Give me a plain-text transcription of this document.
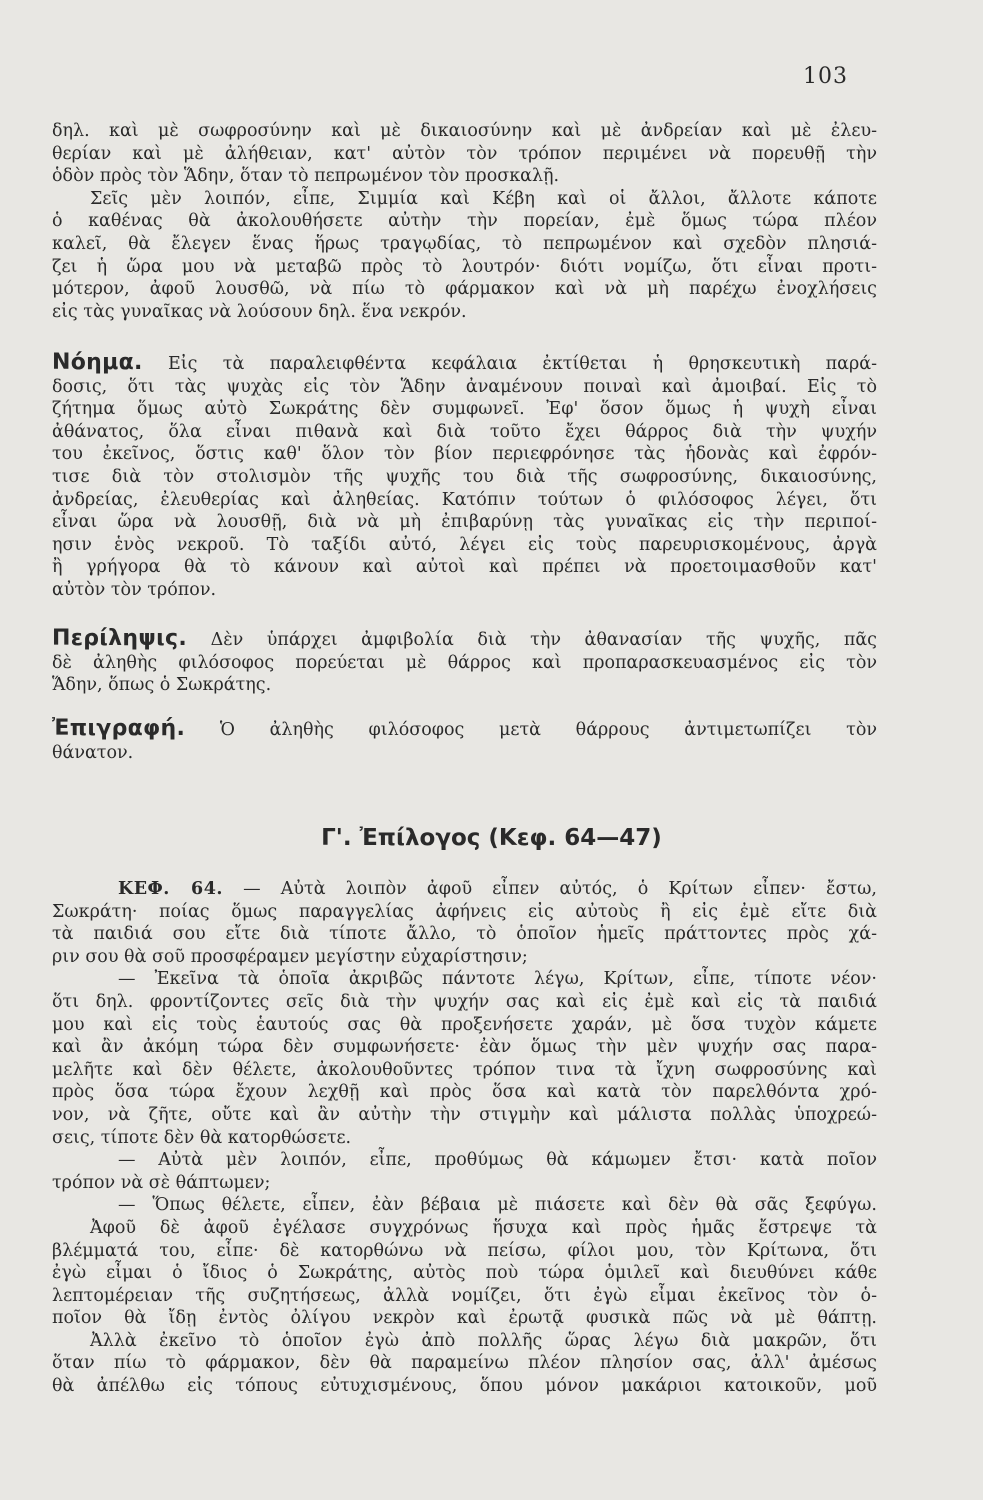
103
δηλ. καὶ μὲ σωφροσύνην καὶ μὲ δικαιοσύνην καὶ μὲ ἀνδρείαν καὶ μὲ ἐλευ-
θερίαν καὶ μὲ ἀλήθειαν, κατ' αὐτὸν τὸν τρόπον περιμένει νὰ πορευθῇ τὴν
ὁδὸν πρὸς τὸν Ἅδην, ὅταν τὸ πεπρωμένον τὸν προσκαλῇ.
Σεῖς μὲν λοιπόν, εἶπε, Σιμμία καὶ Κέβη καὶ οἱ ἄλλοι, ἄλλοτε κάποτε
ὁ καθένας θὰ ἀκολουθήσετε αὐτὴν τὴν πορείαν, ἐμὲ ὅμως τώρα πλέον
καλεῖ, θὰ ἔλεγεν ἕνας ἥρως τραγῳδίας, τὸ πεπρωμένον καὶ σχεδὸν πλησιά-
ζει ἡ ὥρα μου νὰ μεταβῶ πρὸς τὸ λουτρόν· διότι νομίζω, ὅτι εἶναι προτι-
μότερον, ἀφοῦ λουσθῶ, νὰ πίω τὸ φάρμακον καὶ νὰ μὴ παρέχω ἐνοχλήσεις
εἰς τὰς γυναῖκας νὰ λούσουν δηλ. ἕνα νεκρόν.
Νόημα. Εἰς τὰ παραλειφθέντα κεφάλαια ἐκτίθεται ἡ θρησκευτικὴ παρά-
δοσις, ὅτι τὰς ψυχὰς εἰς τὸν Ἅδην ἀναμένουν ποιναὶ καὶ ἀμοιβαί. Εἰς τὸ
ζήτημα ὅμως αὐτὸ Σωκράτης δὲν συμφωνεῖ. Ἐφ' ὅσον ὅμως ἡ ψυχὴ εἶναι
ἀθάνατος, ὅλα εἶναι πιθανὰ καὶ διὰ τοῦτο ἔχει θάρρος διὰ τὴν ψυχήν
του ἐκεῖνος, ὅστις καθ' ὅλον τὸν βίον περιεφρόνησε τὰς ἡδονὰς καὶ ἐφρόν-
τισε διὰ τὸν στολισμὸν τῆς ψυχῆς του διὰ τῆς σωφροσύνης, δικαιοσύνης,
ἀνδρείας, ἐλευθερίας καὶ ἀληθείας. Κατόπιν τούτων ὁ φιλόσοφος λέγει, ὅτι
εἶναι ὥρα νὰ λουσθῇ, διὰ νὰ μὴ ἐπιβαρύνῃ τὰς γυναῖκας εἰς τὴν περιποί-
ησιν ἑνὸς νεκροῦ. Τὸ ταξίδι αὐτό, λέγει εἰς τοὺς παρευρισκομένους, ἀργὰ
ἢ γρήγορα θὰ τὸ κάνουν καὶ αὐτοὶ καὶ πρέπει νὰ προετοιμασθοῦν κατ'
αὐτὸν τὸν τρόπον.
Περίληψις. Δὲν ὑπάρχει ἀμφιβολία διὰ τὴν ἀθανασίαν τῆς ψυχῆς, πᾶς
δὲ ἀληθὴς φιλόσοφος πορεύεται μὲ θάρρος καὶ προπαρασκευασμένος εἰς τὸν
Ἅδην, ὅπως ὁ Σωκράτης.
Ἐπιγραφή. Ὁ ἀληθὴς φιλόσοφος μετὰ θάρρους ἀντιμετωπίζει τὸν
θάνατον.
Γ'. Ἐπίλογος (Κεφ. 64—47)
ΚΕΦ. 64. — Αὐτὰ λοιπὸν ἀφοῦ εἶπεν αὐτός, ὁ Κρίτων εἶπεν· ἔστω,
Σωκράτη· ποίας ὅμως παραγγελίας ἀφήνεις εἰς αὐτοὺς ἢ εἰς ἐμὲ εἴτε διὰ
τὰ παιδιά σου εἴτε διὰ τίποτε ἄλλο, τὸ ὁποῖον ἡμεῖς πράττοντες πρὸς χά-
ριν σου θὰ σοῦ προσφέραμεν μεγίστην εὐχαρίστησιν;
— Ἐκεῖνα τὰ ὁποῖα ἀκριβῶς πάντοτε λέγω, Κρίτων, εἶπε, τίποτε νέον·
ὅτι δηλ. φροντίζοντες σεῖς διὰ τὴν ψυχήν σας καὶ εἰς ἐμὲ καὶ εἰς τὰ παιδιά
μου καὶ εἰς τοὺς ἑαυτούς σας θὰ προξενήσετε χαράν, μὲ ὅσα τυχὸν κάμετε
καὶ ἂν ἀκόμη τώρα δὲν συμφωνήσετε· ἐὰν ὅμως τὴν μὲν ψυχήν σας παρα-
μελῆτε καὶ δὲν θέλετε, ἀκολουθοῦντες τρόπον τινα τὰ ἴχνη σωφροσύνης καὶ
πρὸς ὅσα τώρα ἔχουν λεχθῇ καὶ πρὸς ὅσα καὶ κατὰ τὸν παρελθόντα χρό-
νον, νὰ ζῆτε, οὔτε καὶ ἂν αὐτὴν τὴν στιγμὴν καὶ μάλιστα πολλὰς ὑποχρεώ-
σεις, τίποτε δὲν θὰ κατορθώσετε.
— Αὐτὰ μὲν λοιπόν, εἶπε, προθύμως θὰ κάμωμεν ἔτσι· κατὰ ποῖον
τρόπον νὰ σὲ θάπτωμεν;
— Ὅπως θέλετε, εἶπεν, ἐὰν βέβαια μὲ πιάσετε καὶ δὲν θὰ σᾶς ξεφύγω.
Ἀφοῦ δὲ ἀφοῦ ἐγέλασε συγχρόνως ἥσυχα καὶ πρὸς ἡμᾶς ἔστρεψε τὰ
βλέμματά του, εἶπε· δὲ κατορθώνω νὰ πείσω, φίλοι μου, τὸν Κρίτωνα, ὅτι
ἐγὼ εἶμαι ὁ ἴδιος ὁ Σωκράτης, αὐτὸς ποὺ τώρα ὁμιλεῖ καὶ διευθύνει κάθε
λεπτομέρειαν τῆς συζητήσεως, ἀλλὰ νομίζει, ὅτι ἐγὼ εἶμαι ἐκεῖνος τὸν ὁ-
ποῖον θὰ ἴδῃ ἐντὸς ὀλίγου νεκρὸν καὶ ἐρωτᾷ φυσικὰ πῶς νὰ μὲ θάπτῃ.
Ἀλλὰ ἐκεῖνο τὸ ὁποῖον ἐγὼ ἀπὸ πολλῆς ὥρας λέγω διὰ μακρῶν, ὅτι
ὅταν πίω τὸ φάρμακον, δὲν θὰ παραμείνω πλέον πλησίον σας, ἀλλ' ἀμέσως
θὰ ἀπέλθω εἰς τόπους εὐτυχισμένους, ὅπου μόνον μακάριοι κατοικοῦν, μοῦ
